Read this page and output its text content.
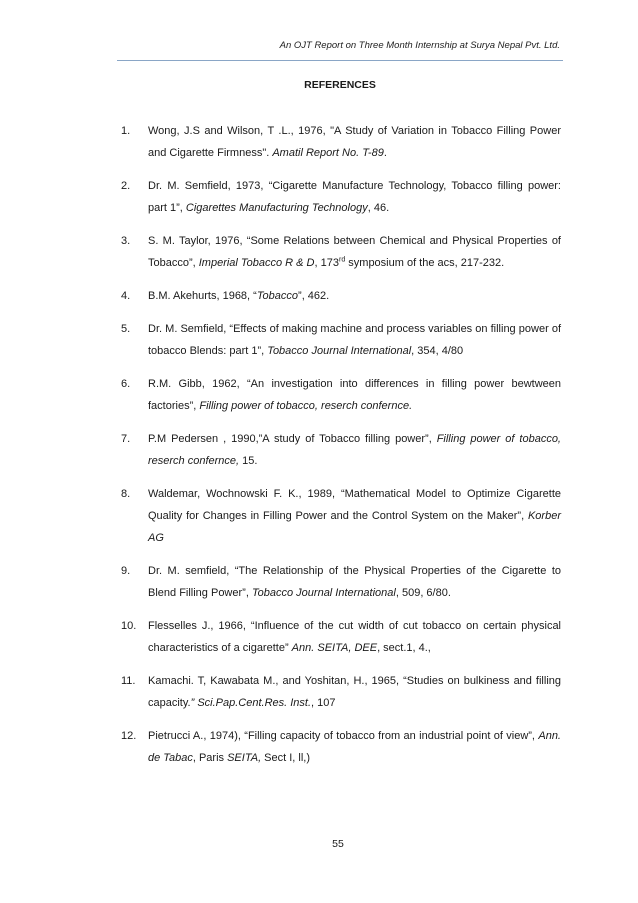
An OJT Report on Three Month Internship at Surya Nepal Pvt. Ltd.
REFERENCES
1.	Wong, J.S and Wilson, T .L., 1976, "A Study of Variation in Tobacco Filling Power and Cigarette Firmness". Amatil Report No. T-89.
2.	Dr. M. Semfield, 1973, “Cigarette Manufacture Technology, Tobacco filling power: part 1”, Cigarettes Manufacturing Technology, 46.
3.	S. M. Taylor, 1976, “Some Relations between Chemical and Physical Properties of Tobacco”, Imperial Tobacco R & D, 173rd symposium of the acs, 217-232.
4.	B.M. Akehurts, 1968, “Tobacco”, 462.
5.	Dr. M. Semfield, “Effects of making machine and process variables on filling power of tobacco Blends: part 1”, Tobacco Journal International, 354, 4/80
6.	R.M. Gibb, 1962, “An investigation into differences in filling power bewtween factories”, Filling power of tobacco, reserch confernce.
7.	P.M Pedersen , 1990,”A study of Tobacco filling power”, Filling power of tobacco, reserch confernce, 15.
8.	Waldemar, Wochnowski F. K., 1989, “Mathematical Model to Optimize Cigarette Quality for Changes in Filling Power and the Control System on the Maker”, Korber AG
9.	Dr. M. semfield, “The Relationship of the Physical Properties of the Cigarette to Blend Filling Power”, Tobacco Journal International, 509, 6/80.
10.	Flesselles J., 1966, “Influence of the cut width of cut tobacco on certain physical characteristics of a cigarette” Ann. SEITA, DEE, sect.1, 4.,
11.	Kamachi. T, Kawabata M., and Yoshitan, H., 1965, “Studies on bulkiness and filling capacity.” Sci.Pap.Cent.Res. Inst., 107
12.	Pietrucci A., 1974), “Filling capacity of tobacco from an industrial point of view”, Ann. de Tabac, Paris SEITA, Sect I, ll,)
55
